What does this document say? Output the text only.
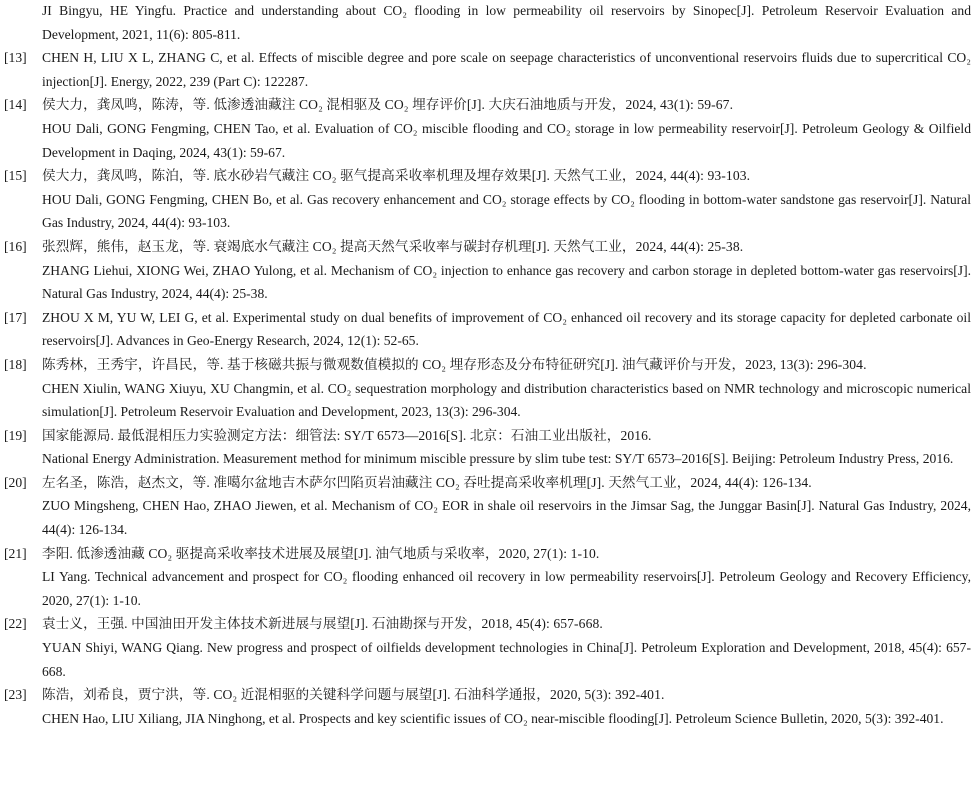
JI Bingyu, HE Yingfu. Practice and understanding about CO₂ flooding in low permeability oil reservoirs by Sinopec[J]. Petroleum Reservoir Evaluation and Development, 2021, 11(6): 805-811.
[13]	CHEN H, LIU X L, ZHANG C, et al. Effects of miscible degree and pore scale on seepage characteristics of unconventional reservoirs fluids due to supercritical CO₂ injection[J]. Energy, 2022, 239 (Part C): 122287.
[14]	侯大力，龚凤鸣，陈涛，等. 低渗透油藏注 CO₂ 混相驱及 CO₂ 埋存评价[J]. 大庆石油地质与开发，2024, 43(1): 59-67.
HOU Dali, GONG Fengming, CHEN Tao, et al. Evaluation of CO₂ miscible flooding and CO₂ storage in low permeability reservoir[J]. Petroleum Geology & Oilfield Development in Daqing, 2024, 43(1): 59-67.
[15]	侯大力，龚凤鸣，陈泊，等. 底水砂岩气藏注 CO₂ 驱气提高采收率机理及埋存效果[J]. 天然气工业，2024, 44(4): 93-103.
HOU Dali, GONG Fengming, CHEN Bo, et al. Gas recovery enhancement and CO₂ storage effects by CO₂ flooding in bottom-water sandstone gas reservoir[J]. Natural Gas Industry, 2024, 44(4): 93-103.
[16]	张烈辉，熊伟，赵玉龙，等. 衰竭底水气藏注 CO₂ 提高天然气采收率与碳封存机理[J]. 天然气工业，2024, 44(4): 25-38.
ZHANG Liehui, XIONG Wei, ZHAO Yulong, et al. Mechanism of CO₂ injection to enhance gas recovery and carbon storage in depleted bottom-water gas reservoirs[J]. Natural Gas Industry, 2024, 44(4): 25-38.
[17]	ZHOU X M, YU W, LEI G, et al. Experimental study on dual benefits of improvement of CO₂ enhanced oil recovery and its storage capacity for depleted carbonate oil reservoirs[J]. Advances in Geo-Energy Research, 2024, 12(1): 52-65.
[18]	陈秀林，王秀宇，许昌民，等. 基于核磁共振与微观数值模拟的 CO₂ 埋存形态及分布特征研究[J]. 油气藏评价与开发，2023, 13(3): 296-304.
CHEN Xiulin, WANG Xiuyu, XU Changmin, et al. CO₂ sequestration morphology and distribution characteristics based on NMR technology and microscopic numerical simulation[J]. Petroleum Reservoir Evaluation and Development, 2023, 13(3): 296-304.
[19]	国家能源局. 最低混相压力实验测定方法：细管法: SY/T 6573—2016[S]. 北京：石油工业出版社，2016.
National Energy Administration. Measurement method for minimum miscible pressure by slim tube test: SY/T 6573–2016[S]. Beijing: Petroleum Industry Press, 2016.
[20]	左名圣，陈浩，赵杰文，等. 准噶尔盆地吉木萨尔凹陷页岩油藏注 CO₂ 吞吐提高采收率机理[J]. 天然气工业，2024, 44(4): 126-134.
ZUO Mingsheng, CHEN Hao, ZHAO Jiewen, et al. Mechanism of CO₂ EOR in shale oil reservoirs in the Jimsar Sag, the Junggar Basin[J]. Natural Gas Industry, 2024, 44(4): 126-134.
[21]	李阳. 低渗透油藏 CO₂ 驱提高采收率技术进展及展望[J]. 油气地质与采收率，2020, 27(1): 1-10.
LI Yang. Technical advancement and prospect for CO₂ flooding enhanced oil recovery in low permeability reservoirs[J]. Petroleum Geology and Recovery Efficiency, 2020, 27(1): 1-10.
[22]	袁士义，王强. 中国油田开发主体技术新进展与展望[J]. 石油勘探与开发，2018, 45(4): 657-668.
YUAN Shiyi, WANG Qiang. New progress and prospect of oilfields development technologies in China[J]. Petroleum Exploration and Development, 2018, 45(4): 657-668.
[23]	陈浩，刘希良，贾宁洪，等. CO₂ 近混相驱的关键科学问题与展望[J]. 石油科学通报，2020, 5(3): 392-401.
CHEN Hao, LIU Xiliang, JIA Ninghong, et al. Prospects and key scientific issues of CO₂ near-miscible flooding[J]. Petroleum Science Bulletin, 2020, 5(3): 392-401.
